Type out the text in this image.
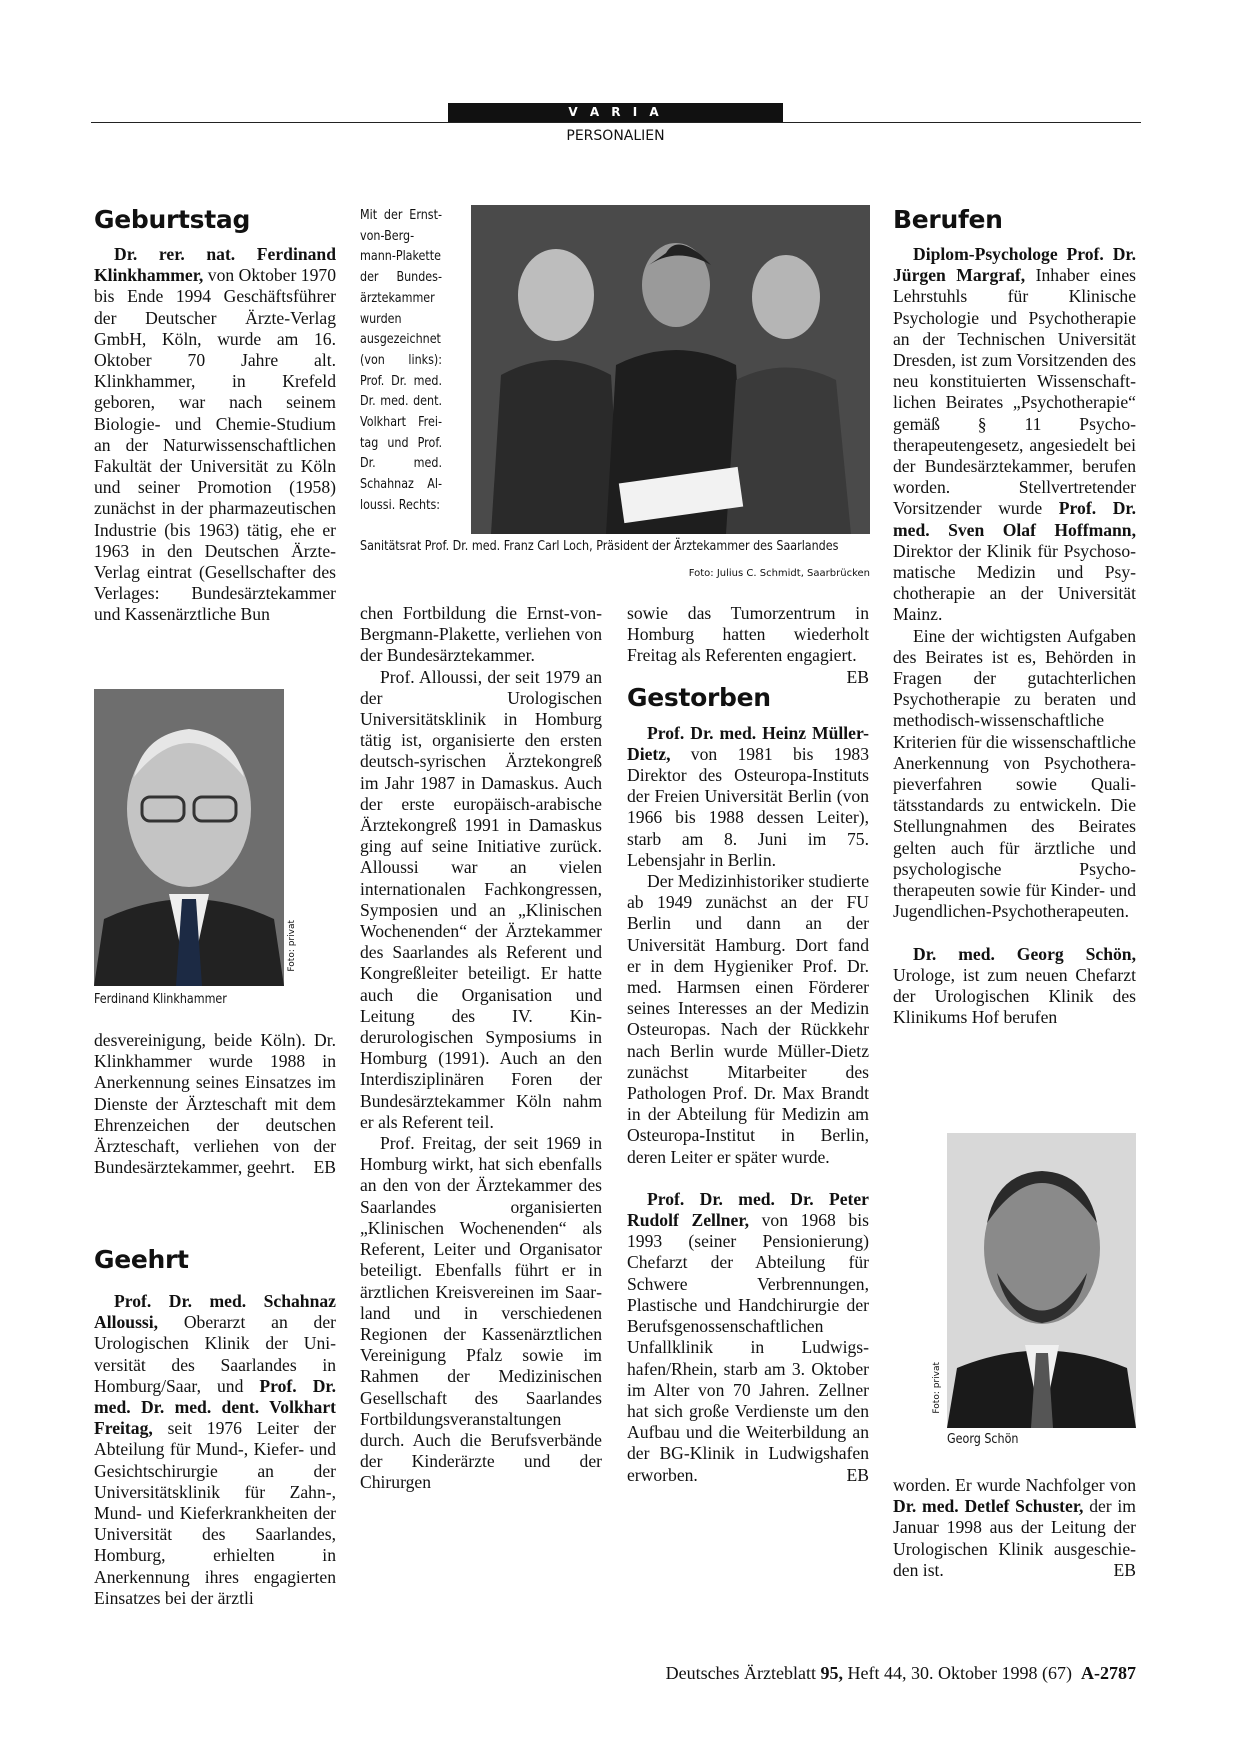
V A R I A
PERSONALIEN
Geburtstag

Dr. rer. nat. Ferdinand Klinkhammer, von Oktober 1970 bis Ende 1994 Geschäftsführer der Deutscher Ärzte-Verlag GmbH, Köln, wurde am 16. Oktober 70 Jahre alt. Klinkhammer, in Krefeld geboren, war nach seinem Biologie- und Chemie-Studium an der Naturwissenschaftlichen Fakultät der Universität zu Köln und seiner Promotion (1958) zunächst in der pharmazeutischen Industrie (bis 1963) tätig, ehe er 1963 in den Deutschen Ärzte-Verlag eintrat (Gesellschafter des Verlages: Bundesärztekammer und Kassenärztliche Bun

Foto: privat
Ferdinand Klinkhammer

desvereinigung, beide Köln). Dr. Klinkhammer wurde 1988 in Anerkennung seines Einsatzes im Dienste der Ärzteschaft mit dem Ehrenzeichen der deutschen Ärzteschaft, verliehen von der Bundesärztekammer, geehrt. EB

Geehrt

Prof. Dr. med. Schahnaz Alloussi, Oberarzt an der Urologischen Klinik der Universität des Saarlandes in Homburg/Saar, und Prof. Dr. med. Dr. med. dent. Volkhart Freitag, seit 1976 Leiter der Abteilung für Mund-, Kiefer- und Gesichtschirurgie an der Universitätsklinik für Zahn-, Mund- und Kieferkrankheiten der Universität des Saarlandes, Homburg, erhielten in Anerkennung ihres engagierten Einsatzes bei der ärztli

Mit der Ernst-von-Bergmann-Plakette der Bundesärztekammer wurden ausgezeichnet (von links): Prof. Dr. med. Dr. med. dent. Volkhart Freitag und Prof. Dr. med. Schahnaz Alloussi. Rechts:
Sanitätsrat Prof. Dr. med. Franz Carl Loch, Präsident der Ärztekammer des Saarlandes
Foto: Julius C. Schmidt, Saarbrücken

chen Fortbildung die Ernst-von-Bergmann-Plakette, verliehen von der Bundesärztekammer.

Prof. Alloussi, der seit 1979 an der Urologischen Universitätsklinik in Homburg tätig ist, organisierte den ersten deutsch-syrischen Ärztekongreß im Jahr 1987 in Damaskus. Auch der erste europäisch-arabische Ärztekongreß 1991 in Damaskus ging auf seine Initiative zurück. Alloussi war an vielen internationalen Fachkongressen, Symposien und an „Klinischen Wochenenden“ der Ärztekammer des Saarlandes als Referent und Kongreßleiter beteiligt. Er hatte auch die Organisation und Leitung des IV. Kinderurologischen Symposiums in Homburg (1991). Auch an den Interdisziplinären Foren der Bundesärztekammer Köln nahm er als Referent teil.

Prof. Freitag, der seit 1969 in Homburg wirkt, hat sich ebenfalls an den von der Ärztekammer des Saarlandes organisierten „Klinischen Wochenenden“ als Referent, Leiter und Organisator beteiligt. Ebenfalls führt er in ärztlichen Kreisvereinen im Saarland und in verschiedenen Regionen der Kassenärztlichen Vereinigung Pfalz sowie im Rahmen der Medizinischen Gesellschaft des Saarlandes Fortbildungsveranstaltungen durch. Auch die Berufsverbände der Kinderärzte und der Chirurgen

sowie das Tumorzentrum in Homburg hatten wiederholt Freitag als Referenten engagiert.
EB

Gestorben

Prof. Dr. med. Heinz Müller-Dietz, von 1981 bis 1983 Direktor des Osteuropa-Instituts der Freien Universität Berlin (von 1966 bis 1988 dessen Leiter), starb am 8. Juni im 75. Lebensjahr in Berlin.

Der Medizinhistoriker studierte ab 1949 zunächst an der FU Berlin und dann an der Universität Hamburg. Dort fand er in dem Hygieniker Prof. Dr. med. Harmsen einen Förderer seines Interesses an der Medizin Osteuropas. Nach der Rückkehr nach Berlin wurde Müller-Dietz zunächst Mitarbeiter des Pathologen Prof. Dr. Max Brandt in der Abteilung für Medizin am Osteuropa-Institut in Berlin, deren Leiter er später wurde.

Prof. Dr. med. Dr. Peter Rudolf Zellner, von 1968 bis 1993 (seiner Pensionierung) Chefarzt der Abteilung für Schwere Verbrennungen, Plastische und Handchirurgie der Berufsgenossenschaftlichen Unfallklinik in Ludwigshafen/Rhein, starb am 3. Oktober im Alter von 70 Jahren. Zellner hat sich große Verdienste um den Aufbau und die Weiterbildung an der BG-Klinik in Ludwigshafen erworben.	EB

Berufen

Diplom-Psychologe Prof. Dr. Jürgen Margraf, Inhaber eines Lehrstuhls für Klinische Psychologie und Psychotherapie an der Technischen Universität Dresden, ist zum Vorsitzenden des neu konstituierten Wissenschaftlichen Beirates „Psychotherapie“ gemäß § 11 Psychotherapeutengesetz, angesiedelt bei der Bundesärztekammer, berufen worden. Stellvertretender Vorsitzender wurde Prof. Dr. med. Sven Olaf Hoffmann, Direktor der Klinik für Psychosomatische Medizin und Psychotherapie an der Universität Mainz.

Eine der wichtigsten Aufgaben des Beirates ist es, Behörden in Fragen der gutachterlichen Psychotherapie zu beraten und methodisch-wissenschaftliche Kriterien für die wissenschaftliche Anerkennung von Psychotherapieverfahren sowie Qualitätsstandards zu entwickeln. Die Stellungnahmen des Beirates gelten auch für ärztliche und psychologische Psychotherapeuten sowie für Kinder- und Jugendlichen-Psychotherapeuten.

Dr. med. Georg Schön, Urologe, ist zum neuen Chefarzt der Urologischen Klinik des Klinikums Hof berufen

Foto: privat
Georg Schön

worden. Er wurde Nachfolger von Dr. med. Detlef Schuster, der im Januar 1998 aus der Leitung der Urologischen Klinik ausgeschieden ist.	EB

Deutsches Ärzteblatt 95, Heft 44, 30. Oktober 1998 (67)  A-2787
